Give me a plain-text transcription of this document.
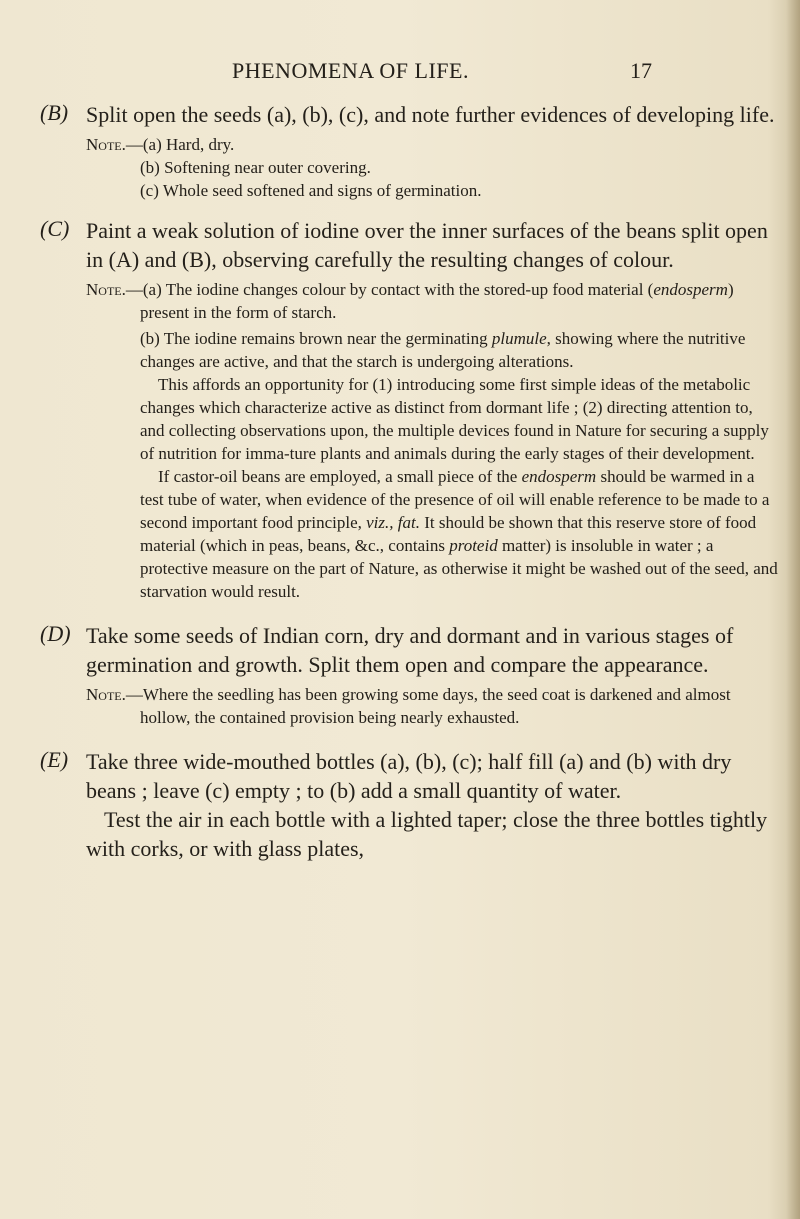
PHENOMENA OF LIFE.	17
(B) Split open the seeds (a), (b), (c), and note further evidences of developing life.
Note.—(a) Hard, dry.
(b) Softening near outer covering.
(c) Whole seed softened and signs of germination.
(C) Paint a weak solution of iodine over the inner surfaces of the beans split open in (A) and (B), observing carefully the resulting changes of colour.
Note.—(a) The iodine changes colour by contact with the stored-up food material (endosperm) present in the form of starch.
(b) The iodine remains brown near the germinating plumule, showing where the nutritive changes are active, and that the starch is undergoing alterations.
This affords an opportunity for (1) introducing some first simple ideas of the metabolic changes which characterize active as distinct from dormant life ; (2) directing attention to, and collecting observations upon, the multiple devices found in Nature for securing a supply of nutrition for imma-ture plants and animals during the early stages of their development.
If castor-oil beans are employed, a small piece of the endosperm should be warmed in a test tube of water, when evidence of the presence of oil will enable reference to be made to a second important food principle, viz., fat. It should be shown that this reserve store of food material (which in peas, beans, &c., contains proteid matter) is insoluble in water ; a protective measure on the part of Nature, as otherwise it might be washed out of the seed, and starvation would result.
(D) Take some seeds of Indian corn, dry and dormant and in various stages of germination and growth. Split them open and compare the appearance.
Note.—Where the seedling has been growing some days, the seed coat is darkened and almost hollow, the contained provision being nearly exhausted.
(E) Take three wide-mouthed bottles (a), (b), (c); half fill (a) and (b) with dry beans ; leave (c) empty ; to (b) add a small quantity of water.
Test the air in each bottle with a lighted taper; close the three bottles tightly with corks, or with glass plates,
